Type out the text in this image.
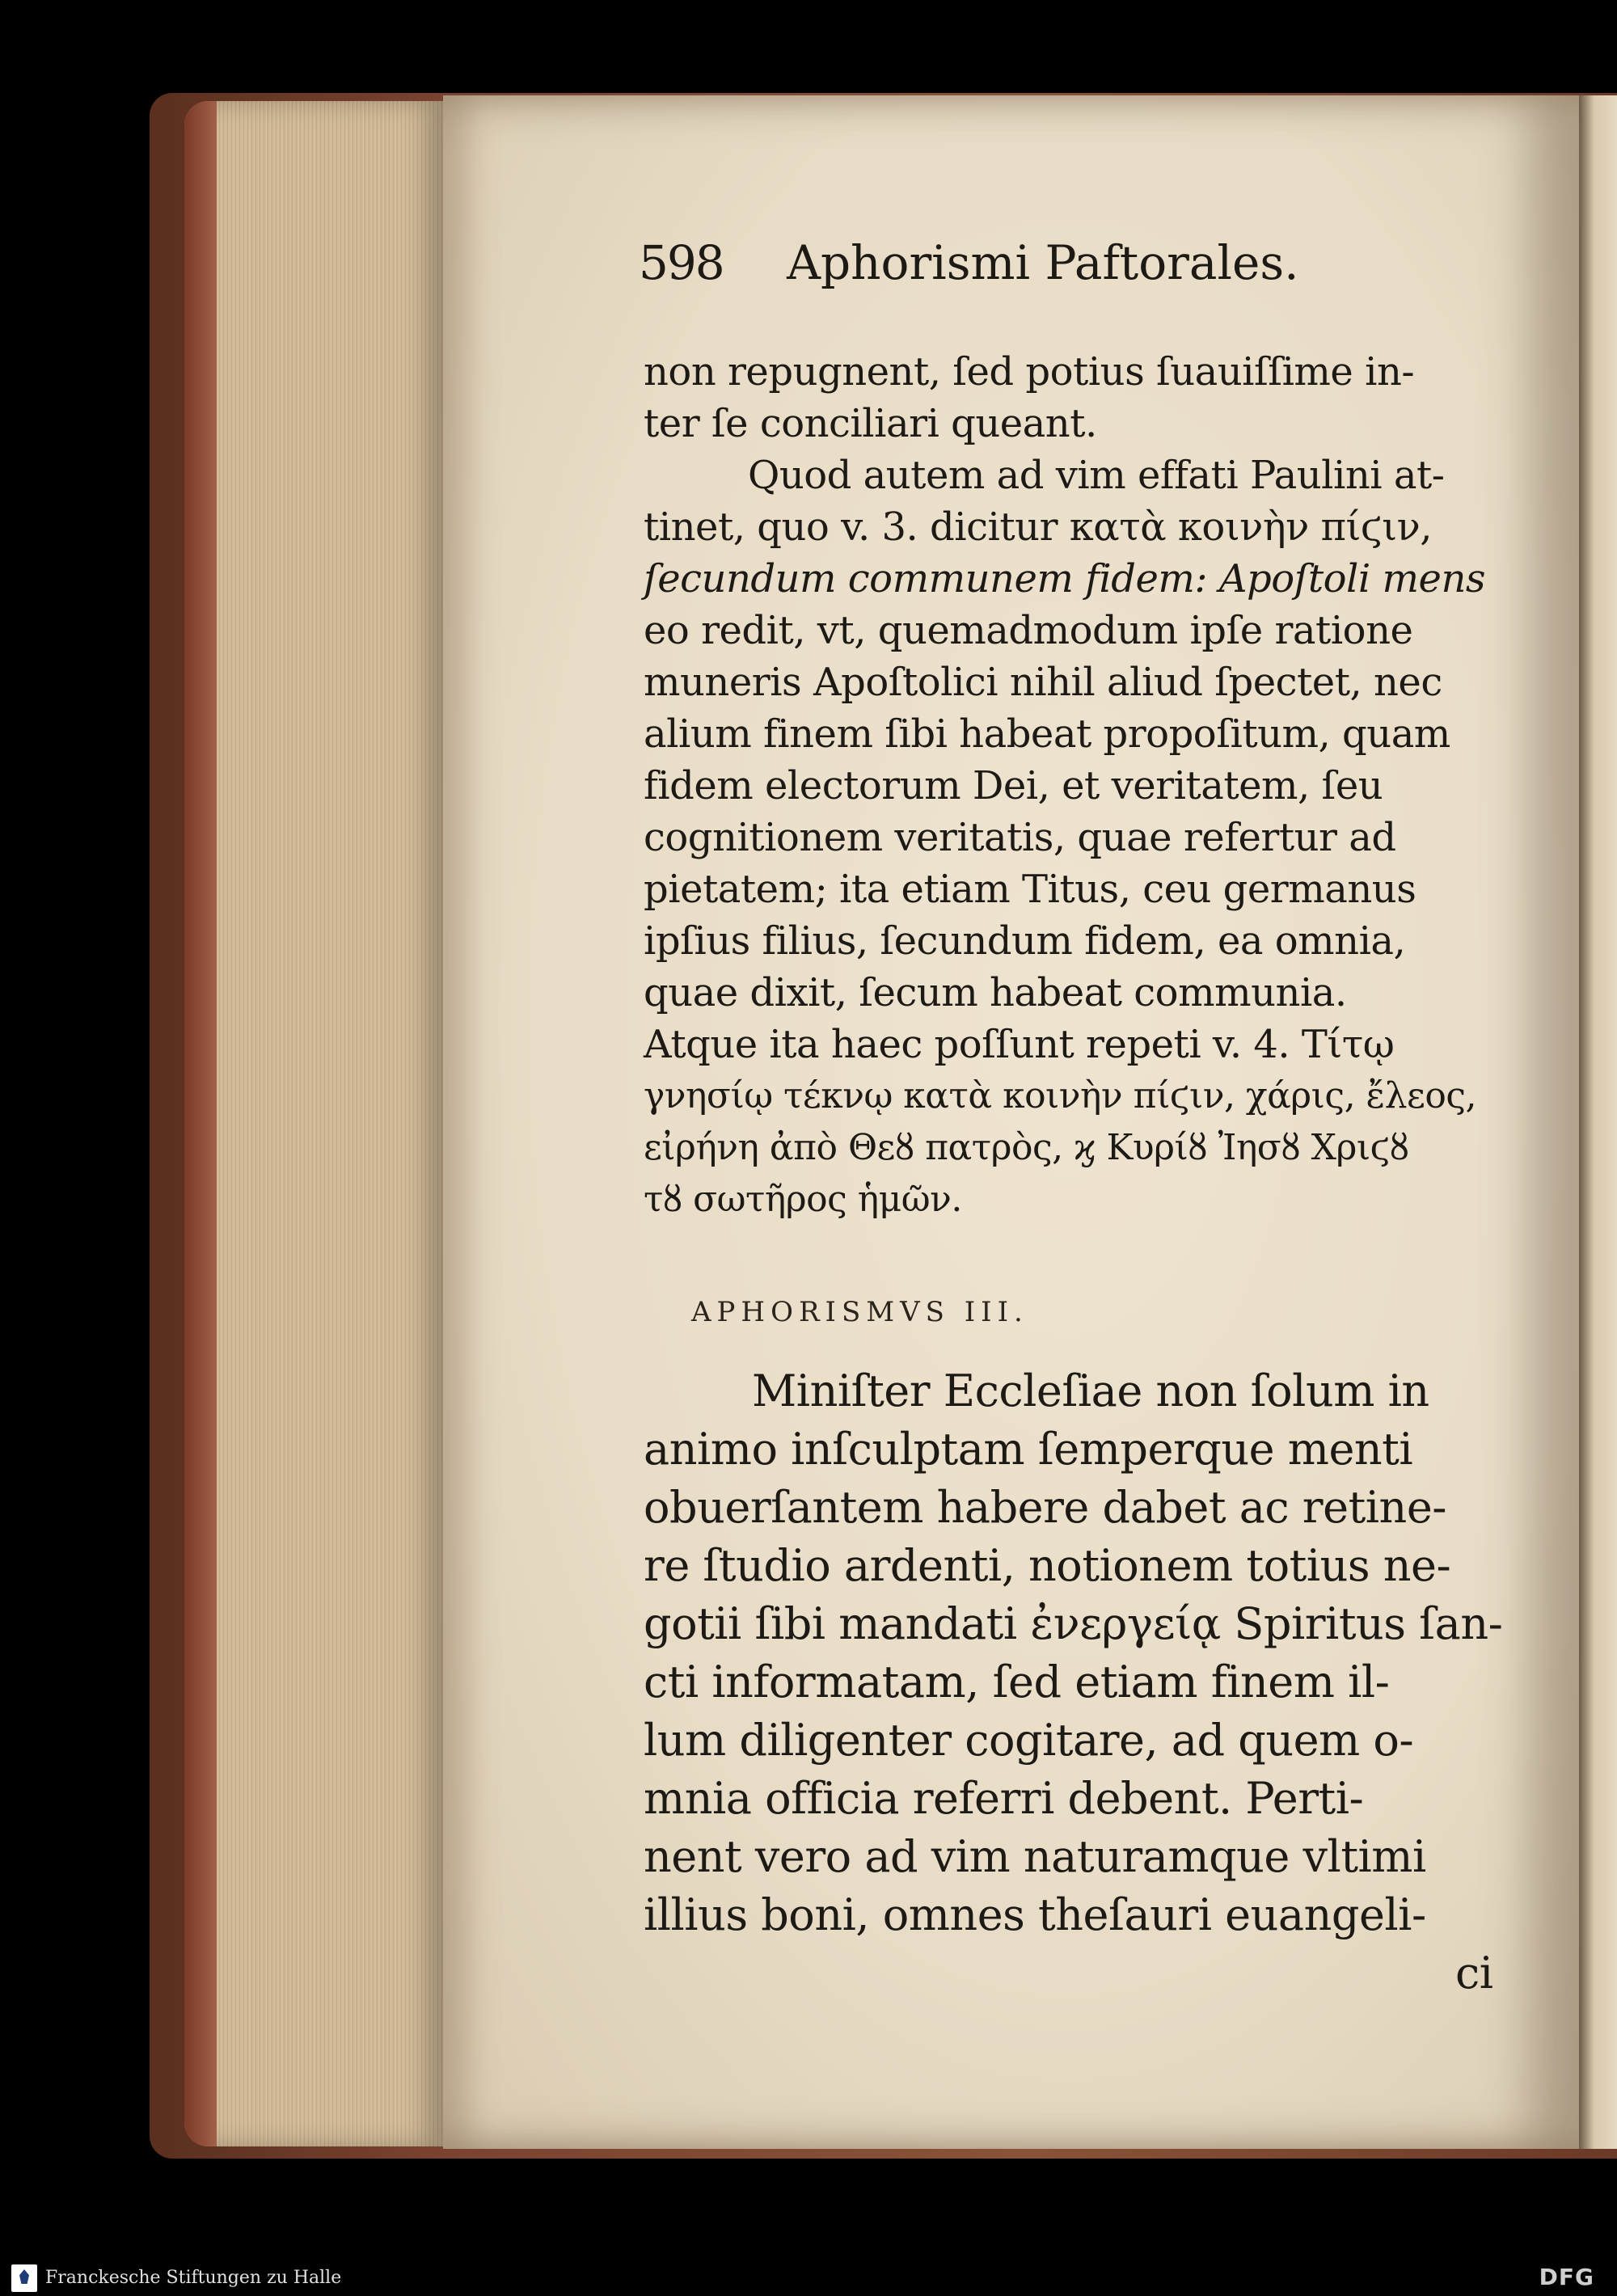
598 Aphorismi Paftorales.
non repugnent, ſed potius ſuauiſſime in-
ter ſe conciliari queant.
Quod autem ad vim effati Paulini at-
tinet, quo v. 3. dicitur κατὰ κοινὴν πίϛιν,
ſecundum communem fidem: Apoſtoli mens
eo redit, vt, quemadmodum ipſe ratione
muneris Apoſtolici nihil aliud ſpectet, nec
alium finem ſibi habeat propoſitum, quam
fidem electorum Dei, et veritatem, ſeu
cognitionem veritatis, quae refertur ad
pietatem; ita etiam Titus, ceu germanus
ipſius filius, ſecundum fidem, ea omnia,
quae dixit, ſecum habeat communia.
Atque ita haec poſſunt repeti v. 4. Τίτῳ
γνησίῳ τέκνῳ κατὰ κοινὴν πίϛιν, χάρις, ἔλεος,
εἰρήνη ἀπὸ Θεȣ πατρὸς, ϗ Κυρίȣ Ἰησȣ Χριϛȣ
τȣ σωτῆρος ἡμῶν.
APHORISMVS III.
Miniſter Eccleſiae non ſolum in
animo inſculptam ſemperque menti
obuerſantem habere dabet ac retine-
re ſtudio ardenti, notionem totius ne-
gotii ſibi mandati ἐνεργείᾳ Spiritus ſan-
cti informatam, ſed etiam finem il-
lum diligenter cogitare, ad quem o-
mnia officia referri debent. Perti-
nent vero ad vim naturamque vltimi
illius boni, omnes theſauri euangeli-
ci
Franckesche Stiftungen zu Halle	DFG
